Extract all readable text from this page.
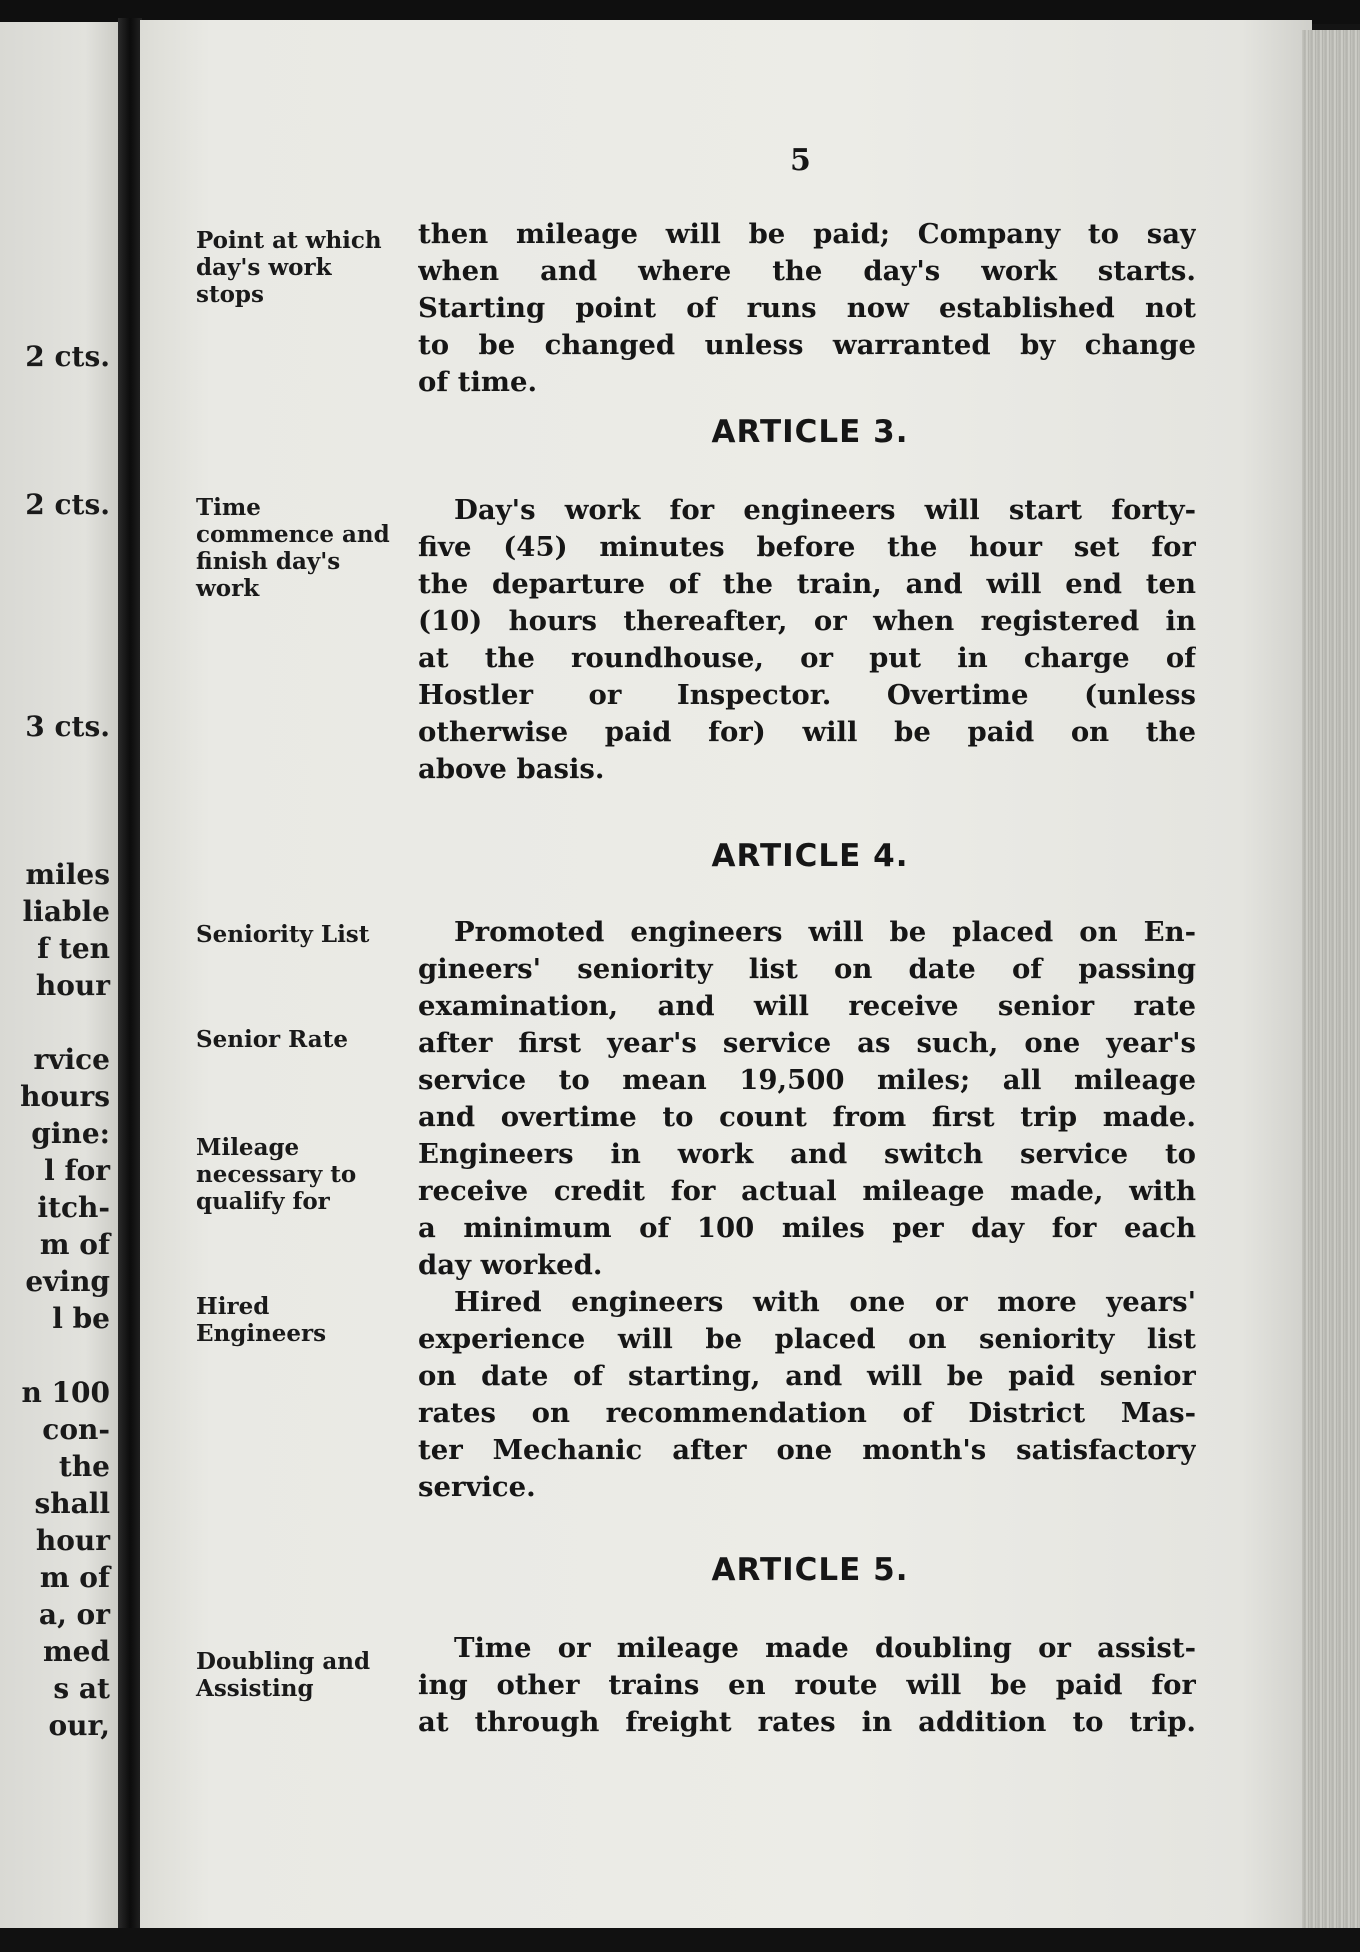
2 cts.
2 cts.
3 cts.
miles
liable
f ten
hour
rvice
hours
gine:
l for
itch-
m of
eving
l be
n 100
con-
the
shall
hour
m of
a, or
med
s at
our,
5
Point at which day's work stops
Time commence and finish day's work
Seniority List
Senior Rate
Mileage necessary to qualify for
Hired Engineers
Doubling and Assisting
then mileage will be paid; Company to say
when and where the day's work starts.
Starting point of runs now established not
to be changed unless warranted by change
of time.
ARTICLE 3.
Day's work for engineers will start forty-
five (45) minutes before the hour set for
the departure of the train, and will end ten
(10) hours thereafter, or when registered in
at the roundhouse, or put in charge of
Hostler or Inspector. Overtime (unless
otherwise paid for) will be paid on the
above basis.
ARTICLE 4.
Promoted engineers will be placed on En-
gineers' seniority list on date of passing
examination, and will receive senior rate
after first year's service as such, one year's
service to mean 19,500 miles; all mileage
and overtime to count from first trip made.
Engineers in work and switch service to
receive credit for actual mileage made, with
a minimum of 100 miles per day for each
day worked.
Hired engineers with one or more years'
experience will be placed on seniority list
on date of starting, and will be paid senior
rates on recommendation of District Mas-
ter Mechanic after one month's satisfactory
service.
ARTICLE 5.
Time or mileage made doubling or assist-
ing other trains en route will be paid for
at through freight rates in addition to trip.
